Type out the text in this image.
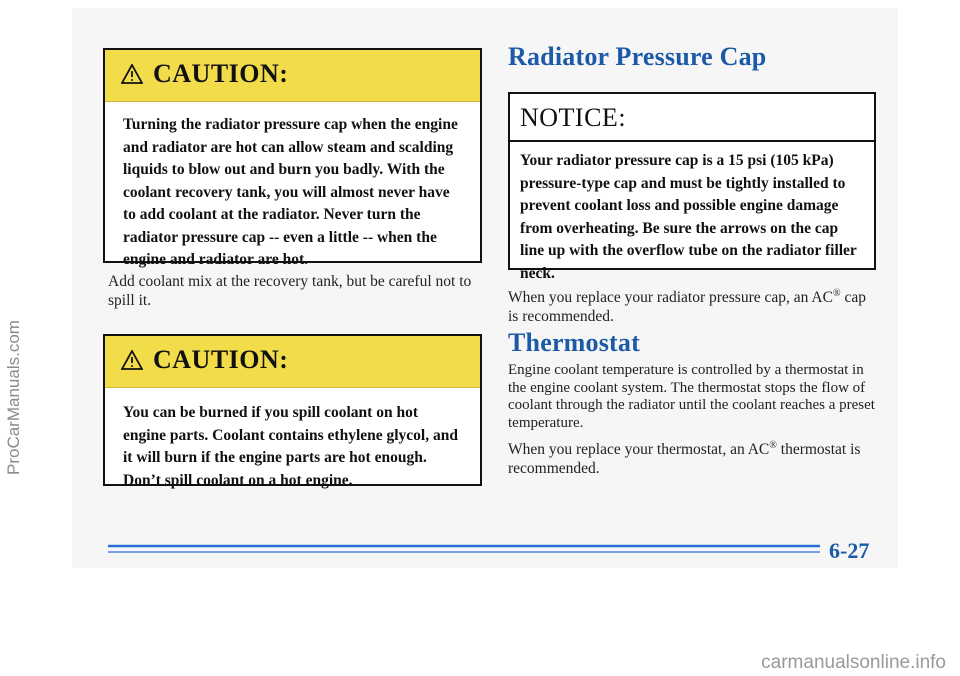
CAUTION:
Turning the radiator pressure cap when the engine and radiator are hot can allow steam and scalding liquids to blow out and burn you badly. With the coolant recovery tank, you will almost never have to add coolant at the radiator. Never turn the radiator pressure cap -- even a little -- when the engine and radiator are hot.
Add coolant mix at the recovery tank, but be careful not to spill it.
CAUTION:
You can be burned if you spill coolant on hot engine parts. Coolant contains ethylene glycol, and it will burn if the engine parts are hot enough. Don’t spill coolant on a hot engine.
Radiator Pressure Cap
NOTICE:
Your radiator pressure cap is a 15 psi (105 kPa) pressure-type cap and must be tightly installed to prevent coolant loss and possible engine damage from overheating. Be sure the arrows on the cap line up with the overflow tube on the radiator filler neck.
When you replace your radiator pressure cap, an AC® cap is recommended.
Thermostat
Engine coolant temperature is controlled by a thermostat in the engine coolant system. The thermostat stops the flow of coolant through the radiator until the coolant reaches a preset temperature.
When you replace your thermostat, an AC® thermostat is recommended.
6-27
ProCarManuals.com
carmanualsonline.info
